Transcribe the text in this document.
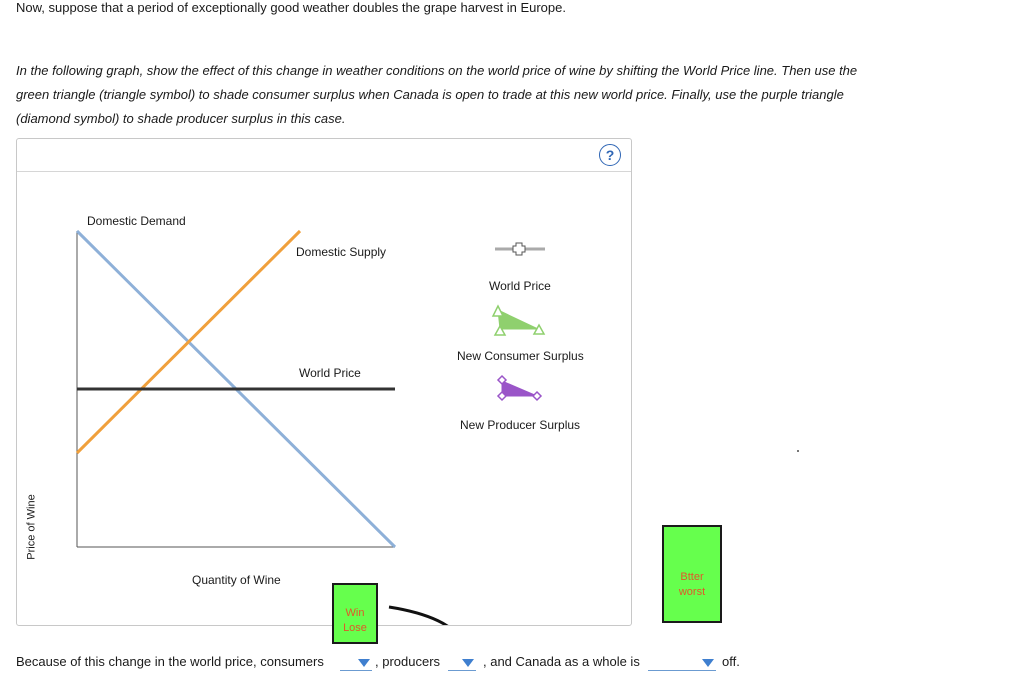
Now, suppose that a period of exceptionally good weather doubles the grape harvest in Europe.
In the following graph, show the effect of this change in weather conditions on the world price of wine by shifting the World Price line. Then use the
green triangle (triangle symbol) to shade consumer surplus when Canada is open to trade at this new world price. Finally, use the purple triangle
(diamond symbol) to shade producer surplus in this case.
?
Price of Wine
Domestic Demand
Domestic Supply
World Price
Quantity of Wine
World Price
New Consumer Surplus
New Producer Surplus
Win
Lose
Btter
worst
Because of this change in the world price, consumers	, producers	, and Canada as a whole is	off.
